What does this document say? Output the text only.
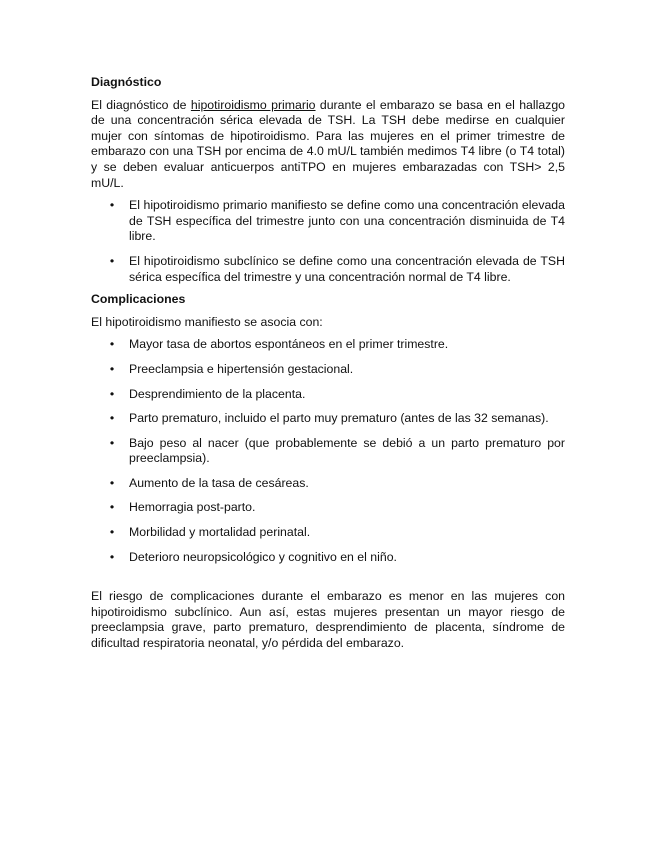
Diagnóstico

El diagnóstico de hipotiroidismo primario durante el embarazo se basa en el hallazgo de una concentración sérica elevada de TSH. La TSH debe medirse en cualquier mujer con síntomas de hipotiroidismo. Para las mujeres en el primer trimestre de embarazo con una TSH por encima de 4.0 mU/L también medimos T4 libre (o T4 total) y se deben evaluar anticuerpos antiTPO en mujeres embarazadas con TSH> 2,5 mU/L.

• El hipotiroidismo primario manifiesto se define como una concentración elevada de TSH específica del trimestre junto con una concentración disminuida de T4 libre.
• El hipotiroidismo subclínico se define como una concentración elevada de TSH sérica específica del trimestre y una concentración normal de T4 libre.
Complicaciones

El hipotiroidismo manifiesto se asocia con:

• Mayor tasa de abortos espontáneos en el primer trimestre.
• Preeclampsia e hipertensión gestacional.
• Desprendimiento de la placenta.
• Parto prematuro, incluido el parto muy prematuro (antes de las 32 semanas).
• Bajo peso al nacer (que probablemente se debió a un parto prematuro por preeclampsia).
• Aumento de la tasa de cesáreas.
• Hemorragia post-parto.
• Morbilidad y mortalidad perinatal.
• Deterioro neuropsicológico y cognitivo en el niño.

El riesgo de complicaciones durante el embarazo es menor en las mujeres con hipotiroidismo subclínico. Aun así, estas mujeres presentan un mayor riesgo de preeclampsia grave, parto prematuro, desprendimiento de placenta, síndrome de dificultad respiratoria neonatal, y/o pérdida del embarazo.
